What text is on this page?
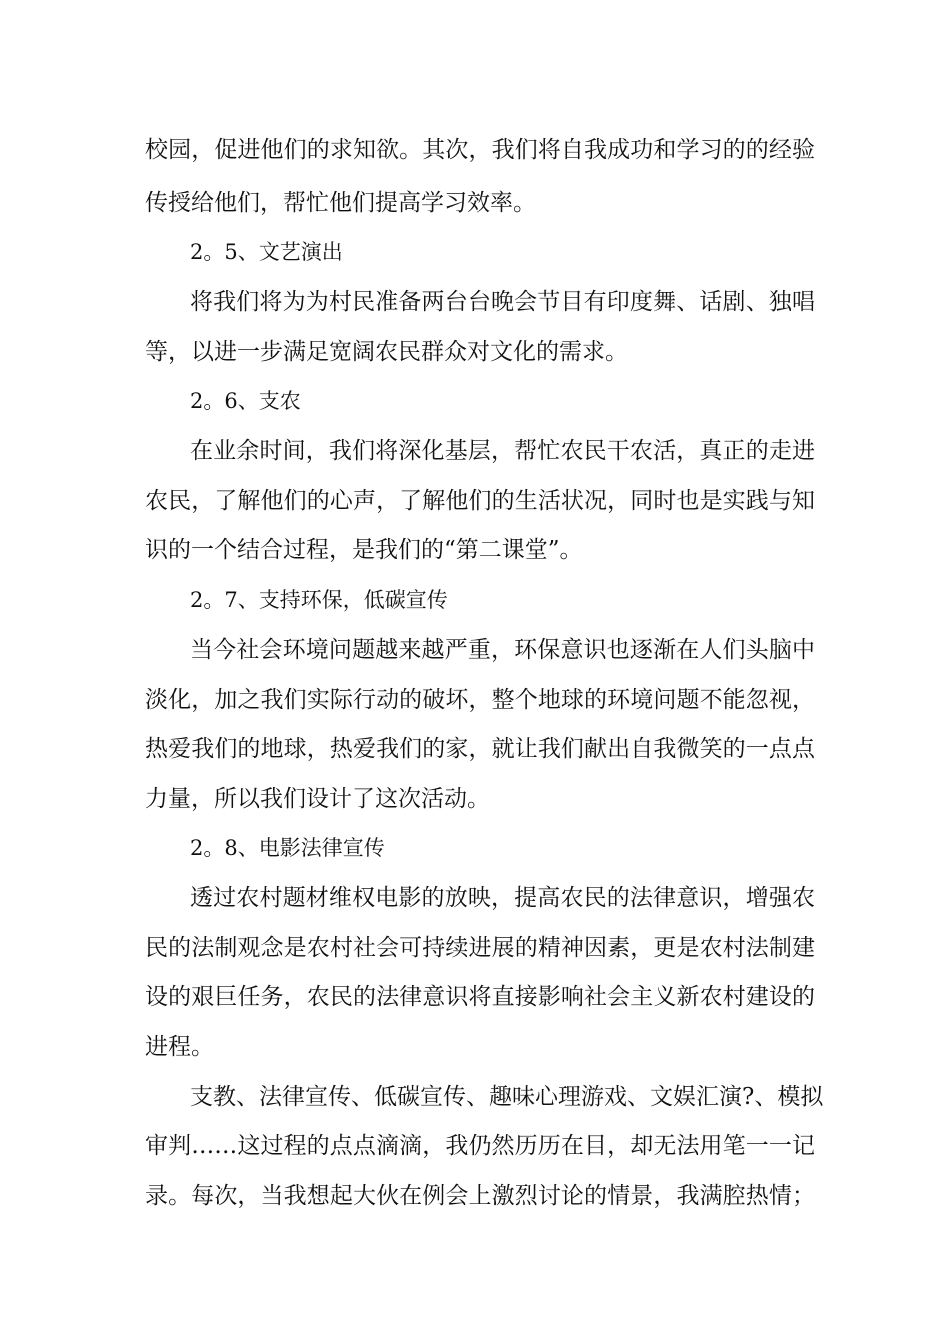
校园，促进他们的求知欲。其次，我们将自我成功和学习的的经验
传授给他们，帮忙他们提高学习效率。
2。5、文艺演出
将我们将为为村民准备两台台晚会节目有印度舞、话剧、独唱
等，以进一步满足宽阔农民群众对文化的需求。
2。6、支农
在业余时间，我们将深化基层，帮忙农民干农活，真正的走进
农民，了解他们的心声，了解他们的生活状况，同时也是实践与知
识的一个结合过程，是我们的“第二课堂”。
2。7、支持环保，低碳宣传
当今社会环境问题越来越严重，环保意识也逐渐在人们头脑中
淡化，加之我们实际行动的破坏，整个地球的环境问题不能忽视，
热爱我们的地球，热爱我们的家，就让我们献出自我微笑的一点点
力量，所以我们设计了这次活动。
2。8、电影法律宣传
透过农村题材维权电影的放映，提高农民的法律意识，增强农
民的法制观念是农村社会可持续进展的精神因素，更是农村法制建
设的艰巨任务，农民的法律意识将直接影响社会主义新农村建设的
进程。
支教、法律宣传、低碳宣传、趣味心理游戏、文娱汇演?、模拟
审判……这过程的点点滴滴，我仍然历历在目，却无法用笔一一记
录。每次，当我想起大伙在例会上激烈讨论的情景，我满腔热情；
